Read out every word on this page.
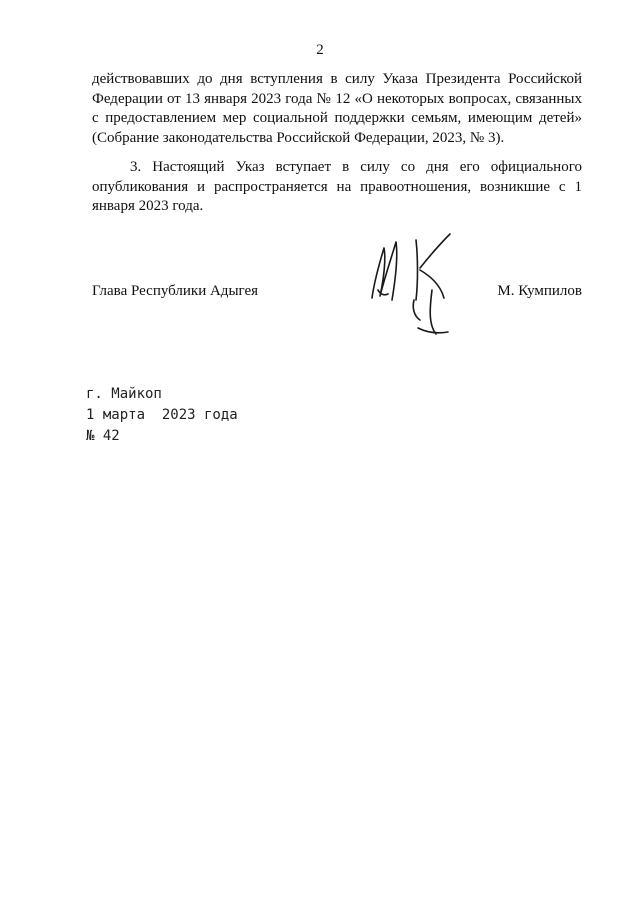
2

действовавших до дня вступления в силу Указа Президента Российской Федерации от 13 января 2023 года № 12 «О некоторых вопросах, связанных с предоставлением мер социальной поддержки семьям, имеющим детей» (Собрание законодательства Российской Федерации, 2023, № 3).

3. Настоящий Указ вступает в силу со дня его официального опубликования и распространяется на правоотношения, возникшие с 1 января 2023 года.

Глава Республики Адыгея	М. Кумпилов
г. Майкоп
1 марта  2023 года
№ 42
